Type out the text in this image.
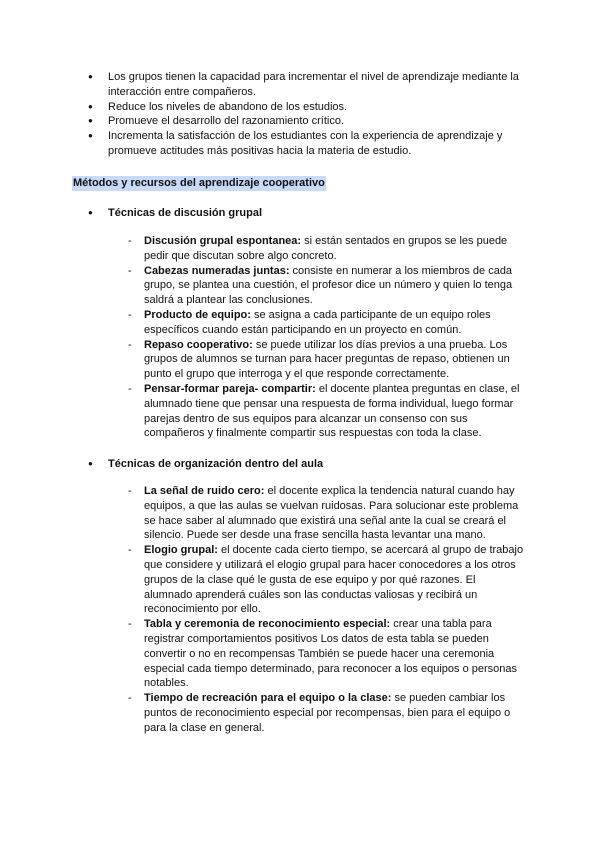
● Los grupos tienen la capacidad para incrementar el nivel de aprendizaje mediante la interacción entre compañeros.
● Reduce los niveles de abandono de los estudios.
● Promueve el desarrollo del razonamiento crítico.
● Incrementa la satisfacción de los estudiantes con la experiencia de aprendizaje y promueve actitudes más positivas hacia la materia de estudio.
Métodos y recursos del aprendizaje cooperativo
● Técnicas de discusión grupal
- Discusión grupal espontanea: si están sentados en grupos se les puede pedir que discutan sobre algo concreto.
- Cabezas numeradas juntas: consiste en numerar a los miembros de cada grupo, se plantea una cuestión, el profesor dice un número y quien lo tenga saldrá a plantear las conclusiones.
- Producto de equipo: se asigna a cada participante de un equipo roles específicos cuando están participando en un proyecto en común.
- Repaso cooperativo: se puede utilizar los días previos a una prueba. Los grupos de alumnos se turnan para hacer preguntas de repaso, obtienen un punto el grupo que interroga y el que responde correctamente.
- Pensar-formar pareja- compartir: el docente plantea preguntas en clase, el alumnado tiene que pensar una respuesta de forma individual, luego formar parejas dentro de sus equipos para alcanzar un consenso con sus compañeros y finalmente compartir sus respuestas con toda la clase.
● Técnicas de organización dentro del aula
- La señal de ruido cero: el docente explica la tendencia natural cuando hay equipos, a que las aulas se vuelvan ruidosas. Para solucionar este problema se hace saber al alumnado que existirá una señal ante la cual se creará el silencio. Puede ser desde una frase sencilla hasta levantar una mano.
- Elogio grupal: el docente cada cierto tiempo, se acercará al grupo de trabajo que considere y utilizará el elogio grupal para hacer conocedores a los otros grupos de la clase qué le gusta de ese equipo y por qué razones. El alumnado aprenderá cuáles son las conductas valiosas y recibirá un reconocimiento por ello.
- Tabla y ceremonia de reconocimiento especial: crear una tabla para registrar comportamientos positivos Los datos de esta tabla se pueden convertir o no en recompensas También se puede hacer una ceremonia especial cada tiempo determinado, para reconocer a los equipos o personas notables.
- Tiempo de recreación para el equipo o la clase: se pueden cambiar los puntos de reconocimiento especial por recompensas, bien para el equipo o para la clase en general.
